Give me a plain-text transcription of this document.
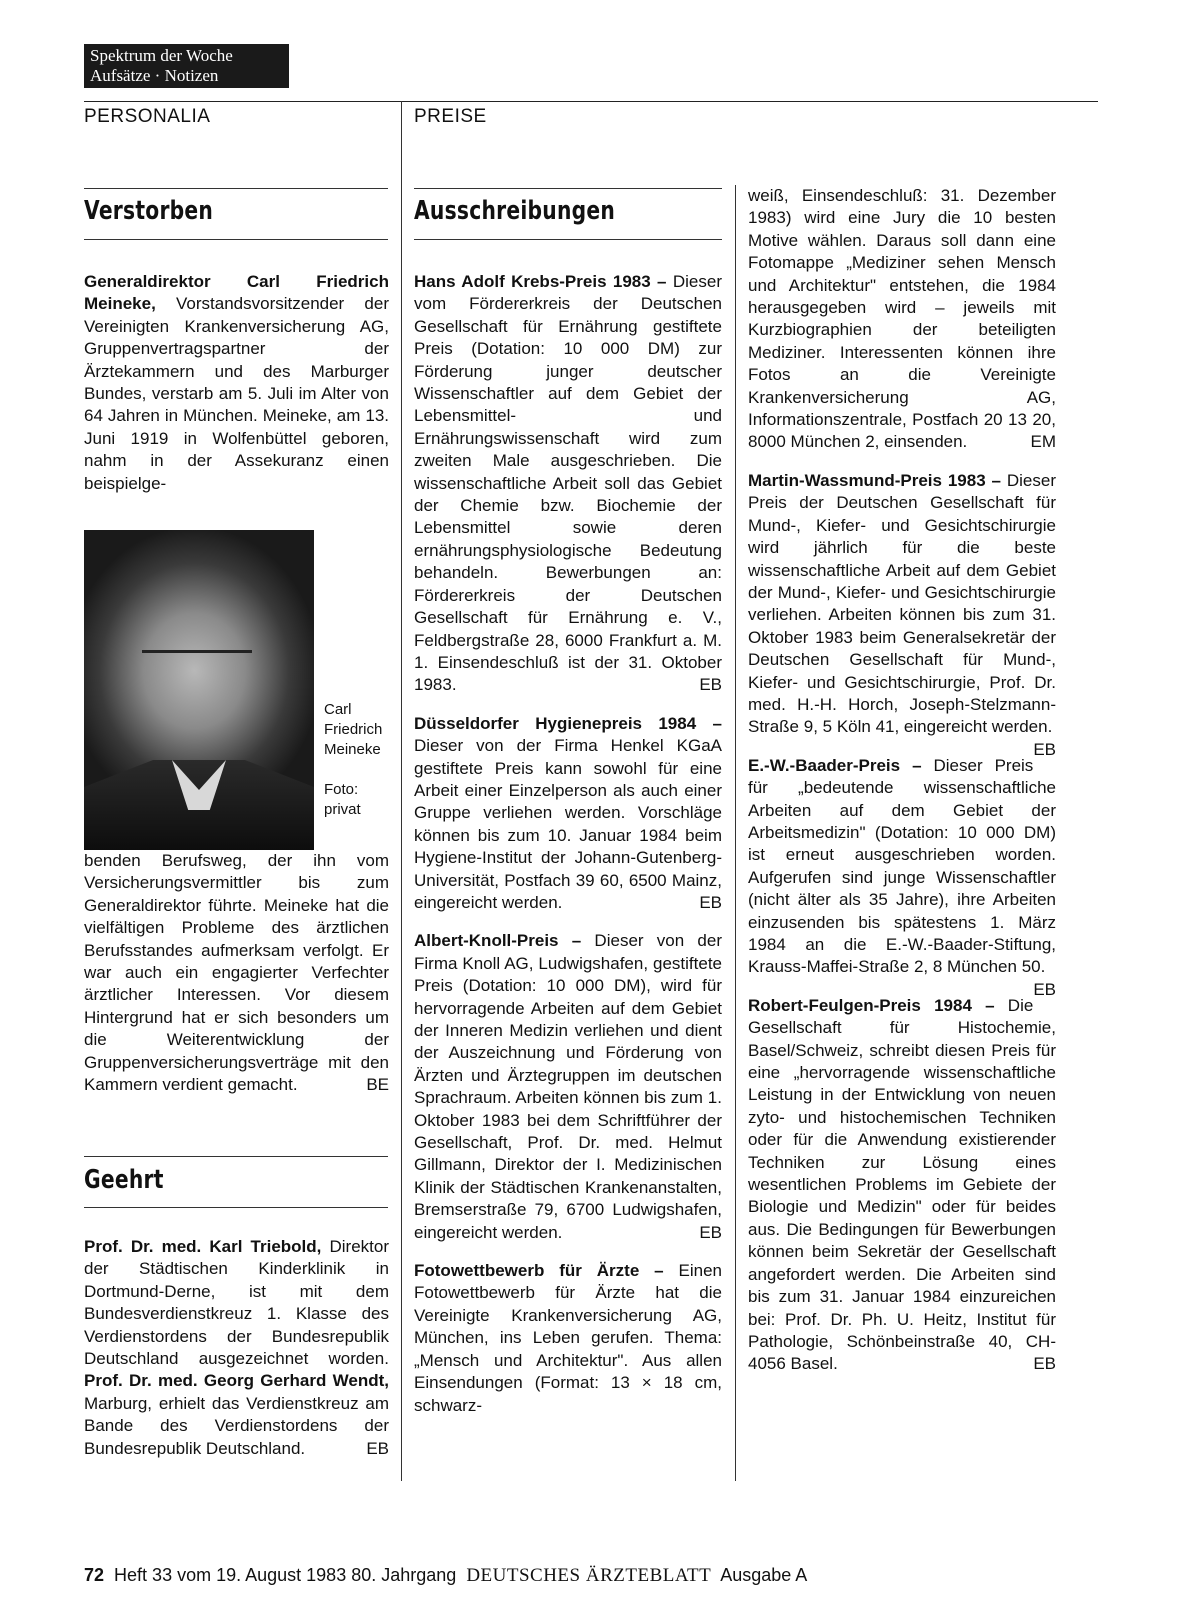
Spektrum der Woche
Aufsätze · Notizen
PERSONALIA	PREISE
Verstorben
Generaldirektor Carl Friedrich Meineke, Vorstandsvorsitzender der Vereinigten Krankenversicherung AG, Gruppenvertragspartner der Ärztekammern und des Marburger Bundes, verstarb am 5. Juli im Alter von 64 Jahren in München. Meineke, am 13. Juni 1919 in Wolfenbüttel geboren, nahm in der Assekuranz einen beispielge-
Carl Friedrich Meineke
Foto: privat
benden Berufsweg, der ihn vom Versicherungsvermittler bis zum Generaldirektor führte. Meineke hat die vielfältigen Probleme des ärztlichen Berufsstandes aufmerksam verfolgt. Er war auch ein engagierter Verfechter ärztlicher Interessen. Vor diesem Hintergrund hat er sich besonders um die Weiterentwicklung der Gruppenversicherungsverträge mit den Kammern verdient gemacht.	BE
Geehrt
Prof. Dr. med. Karl Triebold, Direktor der Städtischen Kinderklinik in Dortmund-Derne, ist mit dem Bundesverdienstkreuz 1. Klasse des Verdienstordens der Bundesrepublik Deutschland ausgezeichnet worden. Prof. Dr. med. Georg Gerhard Wendt, Marburg, erhielt das Verdienstkreuz am Bande des Verdienstordens der Bundesrepublik Deutschland.	EB
Ausschreibungen

Hans Adolf Krebs-Preis 1983 – Dieser vom Fördererkreis der Deutschen Gesellschaft für Ernährung gestiftete Preis (Dotation: 10 000 DM) zur Förderung junger deutscher Wissenschaftler auf dem Gebiet der Lebensmittel- und Ernährungswissenschaft wird zum zweiten Male ausgeschrieben. Die wissenschaftliche Arbeit soll das Gebiet der Chemie bzw. Biochemie der Lebensmittel sowie deren ernährungsphysiologische Bedeutung behandeln. Bewerbungen an: Fördererkreis der Deutschen Gesellschaft für Ernährung e. V., Feldbergstraße 28, 6000 Frankfurt a. M. 1. Einsendeschluß ist der 31. Oktober 1983.	EB

Düsseldorfer Hygienepreis 1984 – Dieser von der Firma Henkel KGaA gestiftete Preis kann sowohl für eine Arbeit einer Einzelperson als auch einer Gruppe verliehen werden. Vorschläge können bis zum 10. Januar 1984 beim Hygiene-Institut der Johann-Gutenberg-Universität, Postfach 39 60, 6500 Mainz, eingereicht werden.	EB

Albert-Knoll-Preis – Dieser von der Firma Knoll AG, Ludwigshafen, gestiftete Preis (Dotation: 10 000 DM), wird für hervorragende Arbeiten auf dem Gebiet der Inneren Medizin verliehen und dient der Auszeichnung und Förderung von Ärzten und Ärztegruppen im deutschen Sprachraum. Arbeiten können bis zum 1. Oktober 1983 bei dem Schriftführer der Gesellschaft, Prof. Dr. med. Helmut Gillmann, Direktor der I. Medizinischen Klinik der Städtischen Krankenanstalten, Bremserstraße 79, 6700 Ludwigshafen, eingereicht werden.	EB

Fotowettbewerb für Ärzte – Einen Fotowettbewerb für Ärzte hat die Vereinigte Krankenversicherung AG, München, ins Leben gerufen. Thema: „Mensch und Architektur". Aus allen Einsendungen (Format: 13 × 18 cm, schwarz-

weiß, Einsendeschluß: 31. Dezember 1983) wird eine Jury die 10 besten Motive wählen. Daraus soll dann eine Fotomappe „Mediziner sehen Mensch und Architektur" entstehen, die 1984 herausgegeben wird – jeweils mit Kurzbiographien der beteiligten Mediziner. Interessenten können ihre Fotos an die Vereinigte Krankenversicherung AG, Informationszentrale, Postfach 20 13 20, 8000 München 2, einsenden.	EM

Martin-Wassmund-Preis 1983 – Dieser Preis der Deutschen Gesellschaft für Mund-, Kiefer- und Gesichtschirurgie wird jährlich für die beste wissenschaftliche Arbeit auf dem Gebiet der Mund-, Kiefer- und Gesichtschirurgie verliehen. Arbeiten können bis zum 31. Oktober 1983 beim Generalsekretär der Deutschen Gesellschaft für Mund-, Kiefer- und Gesichtschirurgie, Prof. Dr. med. H.-H. Horch, Joseph-Stelzmann-Straße 9, 5 Köln 41, eingereicht werden.
EB

E.-W.-Baader-Preis – Dieser Preis für „bedeutende wissenschaftliche Arbeiten auf dem Gebiet der Arbeitsmedizin" (Dotation: 10 000 DM) ist erneut ausgeschrieben worden. Aufgerufen sind junge Wissenschaftler (nicht älter als 35 Jahre), ihre Arbeiten einzusenden bis spätestens 1. März 1984 an die E.-W.-Baader-Stiftung, Krauss-Maffei-Straße 2, 8 München 50.
EB

Robert-Feulgen-Preis 1984 – Die Gesellschaft für Histochemie, Basel/Schweiz, schreibt diesen Preis für eine „hervorragende wissenschaftliche Leistung in der Entwicklung von neuen zyto- und histochemischen Techniken oder für die Anwendung existierender Techniken zur Lösung eines wesentlichen Problems im Gebiete der Biologie und Medizin" oder für beides aus. Die Bedingungen für Bewerbungen können beim Sekretär der Gesellschaft angefordert werden. Die Arbeiten sind bis zum 31. Januar 1984 einzureichen bei: Prof. Dr. Ph. U. Heitz, Institut für Pathologie, Schönbeinstraße 40, CH-4056 Basel.	EB

72 Heft 33 vom 19. August 1983 80. Jahrgang DEUTSCHES ÄRZTEBLATT Ausgabe A
